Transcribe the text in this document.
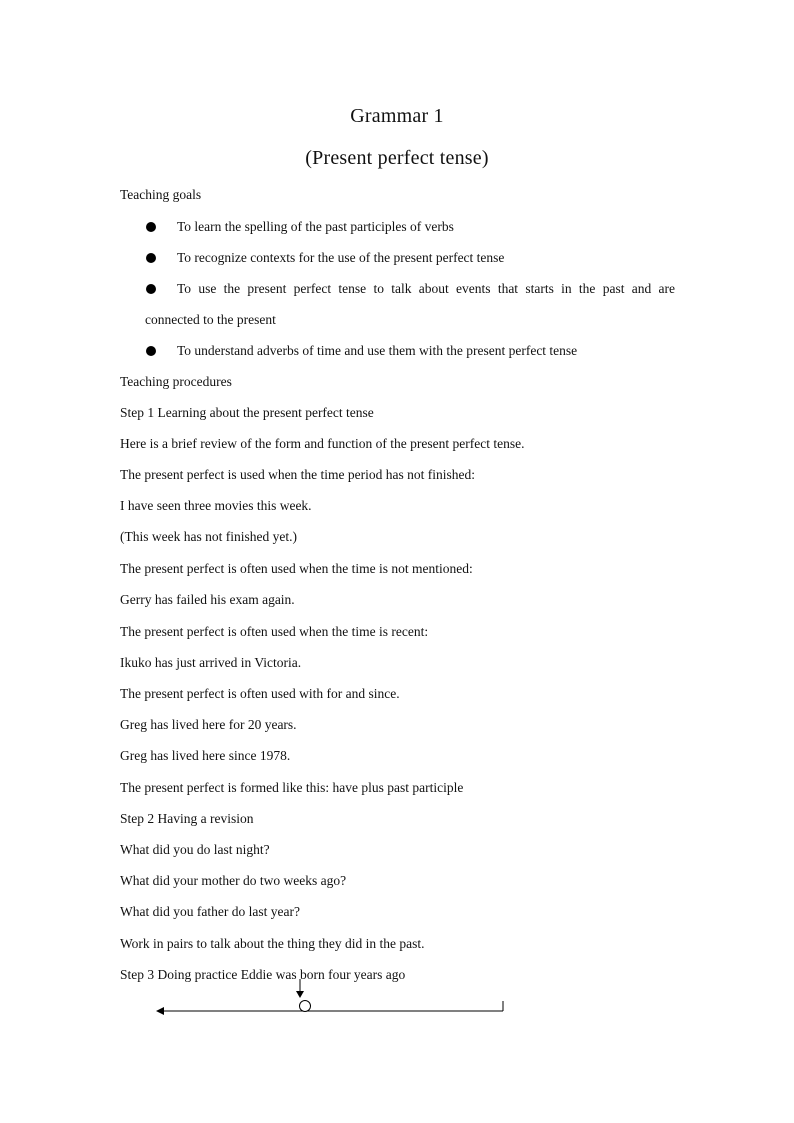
Grammar 1
(Present perfect tense)
Teaching goals
To learn the spelling of the past participles of verbs
To recognize contexts for the use of the present perfect tense
To use the present perfect tense to talk about events that starts in the past and are
connected to the present
To understand adverbs of time and use them with the present perfect tense
Teaching procedures
Step 1 Learning about the present perfect tense
Here is a brief review of the form and function of the present perfect tense.
The present perfect is used when the time period has not finished:
I have seen three movies this week.
(This week has not finished yet.)
The present perfect is often used when the time is not mentioned:
Gerry has failed his exam again.
The present perfect is often used when the time is recent:
Ikuko has just arrived in Victoria.
The present perfect is often used with for and since.
Greg has lived here for 20 years.
Greg has lived here since 1978.
The present perfect is formed like this: have plus past participle
Step 2 Having a revision
What did you do last night?
What did your mother do two weeks ago?
What did you father do last year?
Work in pairs to talk about the thing they did in the past.
Step 3 Doing practice Eddie was born four years ago
